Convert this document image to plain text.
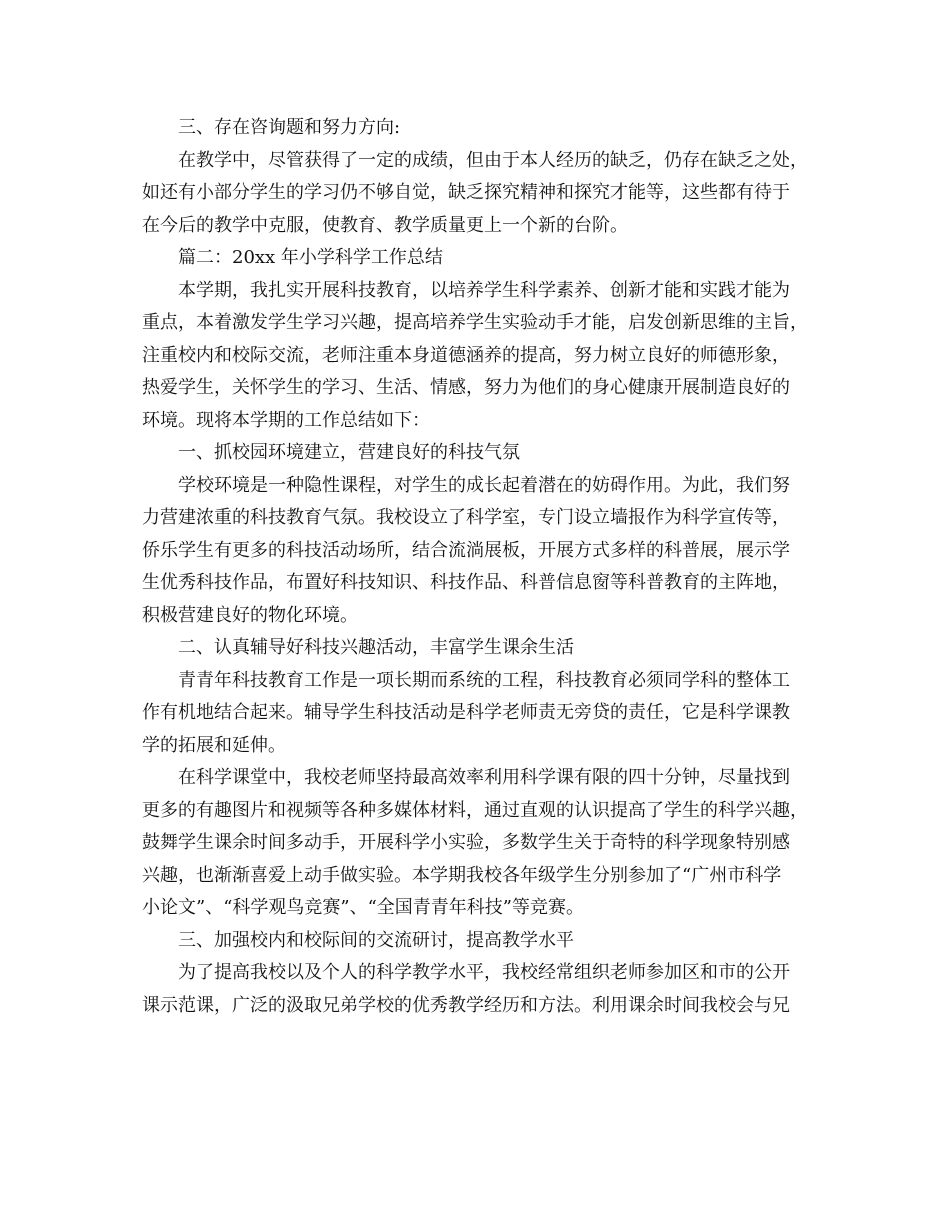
三、存在咨询题和努力方向:
在教学中，尽管获得了一定的成绩，但由于本人经历的缺乏，仍存在缺乏之处，
如还有小部分学生的学习仍不够自觉，缺乏探究精神和探究才能等，这些都有待于
在今后的教学中克服，使教育、教学质量更上一个新的台阶。
篇二：20xx 年小学科学工作总结
本学期，我扎实开展科技教育，以培养学生科学素养、创新才能和实践才能为
重点，本着激发学生学习兴趣，提高培养学生实验动手才能，启发创新思维的主旨，
注重校内和校际交流，老师注重本身道德涵养的提高，努力树立良好的师德形象，
热爱学生，关怀学生的学习、生活、情感，努力为他们的身心健康开展制造良好的
环境。现将本学期的工作总结如下：
一、抓校园环境建立，营建良好的科技气氛
学校环境是一种隐性课程，对学生的成长起着潜在的妨碍作用。为此，我们努
力营建浓重的科技教育气氛。我校设立了科学室，专门设立墙报作为科学宣传等，
侨乐学生有更多的科技活动场所，结合流淌展板，开展方式多样的科普展，展示学
生优秀科技作品，布置好科技知识、科技作品、科普信息窗等科普教育的主阵地，
积极营建良好的物化环境。
二、认真辅导好科技兴趣活动，丰富学生课余生活
青青年科技教育工作是一项长期而系统的工程，科技教育必须同学科的整体工
作有机地结合起来。辅导学生科技活动是科学老师责无旁贷的责任，它是科学课教
学的拓展和延伸。
在科学课堂中，我校老师坚持最高效率利用科学课有限的四十分钟，尽量找到
更多的有趣图片和视频等各种多媒体材料，通过直观的认识提高了学生的科学兴趣，
鼓舞学生课余时间多动手，开展科学小实验，多数学生关于奇特的科学现象特别感
兴趣，也渐渐喜爱上动手做实验。本学期我校各年级学生分别参加了“广州市科学
小论文”、“科学观鸟竞赛”、“全国青青年科技”等竞赛。
三、加强校内和校际间的交流研讨，提高教学水平
为了提高我校以及个人的科学教学水平，我校经常组织老师参加区和市的公开
课示范课，广泛的汲取兄弟学校的优秀教学经历和方法。利用课余时间我校会与兄
